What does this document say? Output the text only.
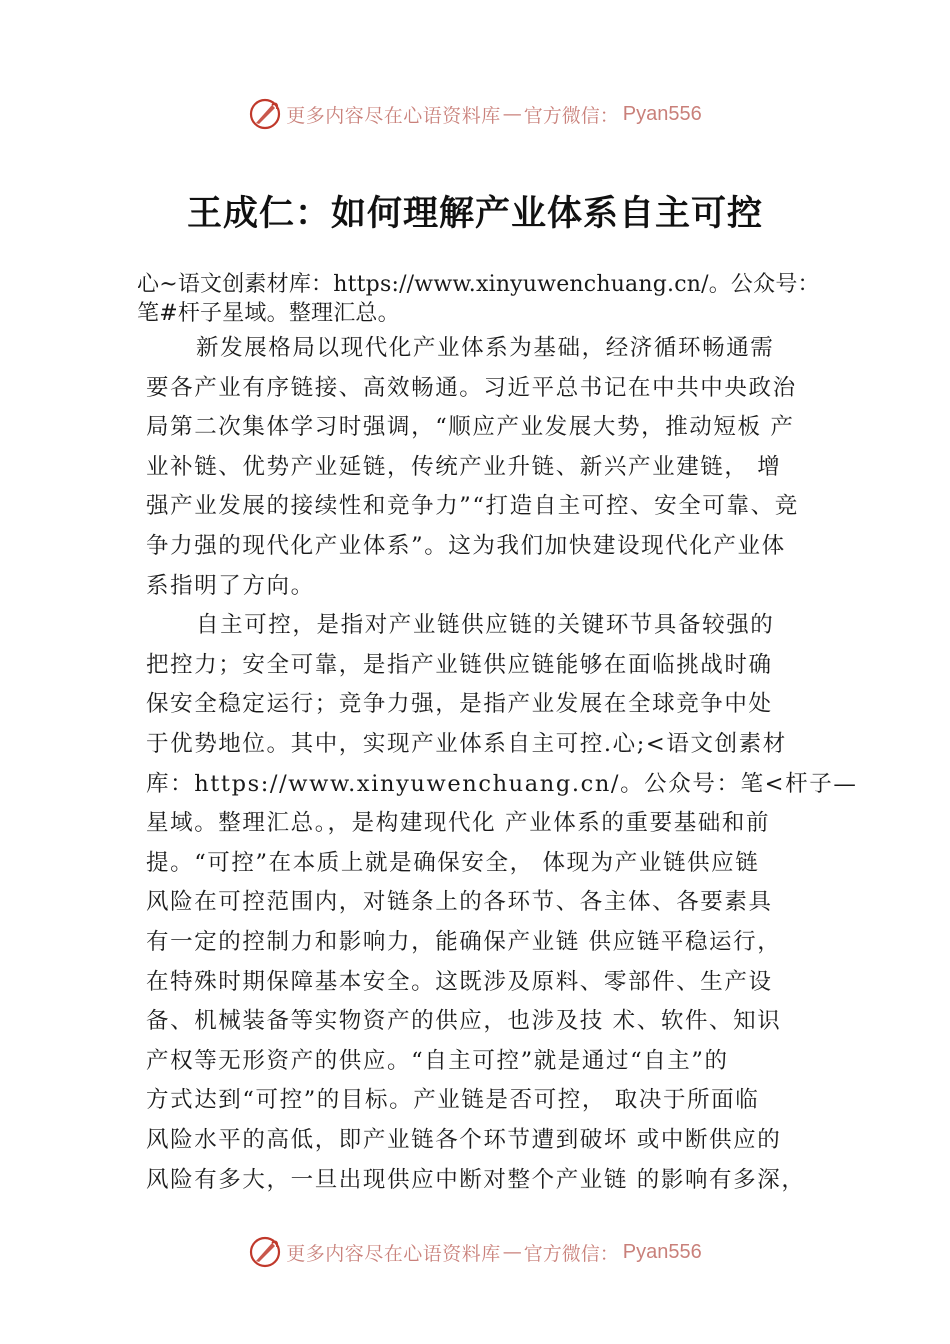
更多内容尽在心语资料库 — 官方微信： Pyan556
王成仁：如何理解产业体系自主可控
心~语文创素材库：https://www.xinyuwenchuang.cn/。公众号：
笔#杆子星域。整理汇总。
新发展格局以现代化产业体系为基础，经济循环畅通需
要各产业有序链接、高效畅通。习近平总书记在中共中央政治
局第二次集体学习时强调，“顺应产业发展大势，推动短板 产
业补链、优势产业延链，传统产业升链、新兴产业建链， 增
强产业发展的接续性和竞争力”“打造自主可控、安全可靠、竞
争力强的现代化产业体系”。这为我们加快建设现代化产业体
系指明了方向。
自主可控，是指对产业链供应链的关键环节具备较强的
把控力；安全可靠，是指产业链供应链能够在面临挑战时确
保安全稳定运行；竞争力强，是指产业发展在全球竞争中处
于优势地位。其中，实现产业体系自主可控.心;<语文创素材
库：https://www.xinyuwenchuang.cn/。公众号：笔<杆子—
星域。整理汇总。，是构建现代化 产业体系的重要基础和前
提。“可控”在本质上就是确保安全， 体现为产业链供应链
风险在可控范围内，对链条上的各环节、各主体、各要素具
有一定的控制力和影响力，能确保产业链 供应链平稳运行，
在特殊时期保障基本安全。这既涉及原料、零部件、生产设
备、机械装备等实物资产的供应，也涉及技 术、软件、知识
产权等无形资产的供应。“自主可控”就是通过“自主”的
方式达到“可控”的目标。产业链是否可控， 取决于所面临
风险水平的高低，即产业链各个环节遭到破坏 或中断供应的
风险有多大，一旦出现供应中断对整个产业链 的影响有多深，
更多内容尽在心语资料库 — 官方微信： Pyan556
